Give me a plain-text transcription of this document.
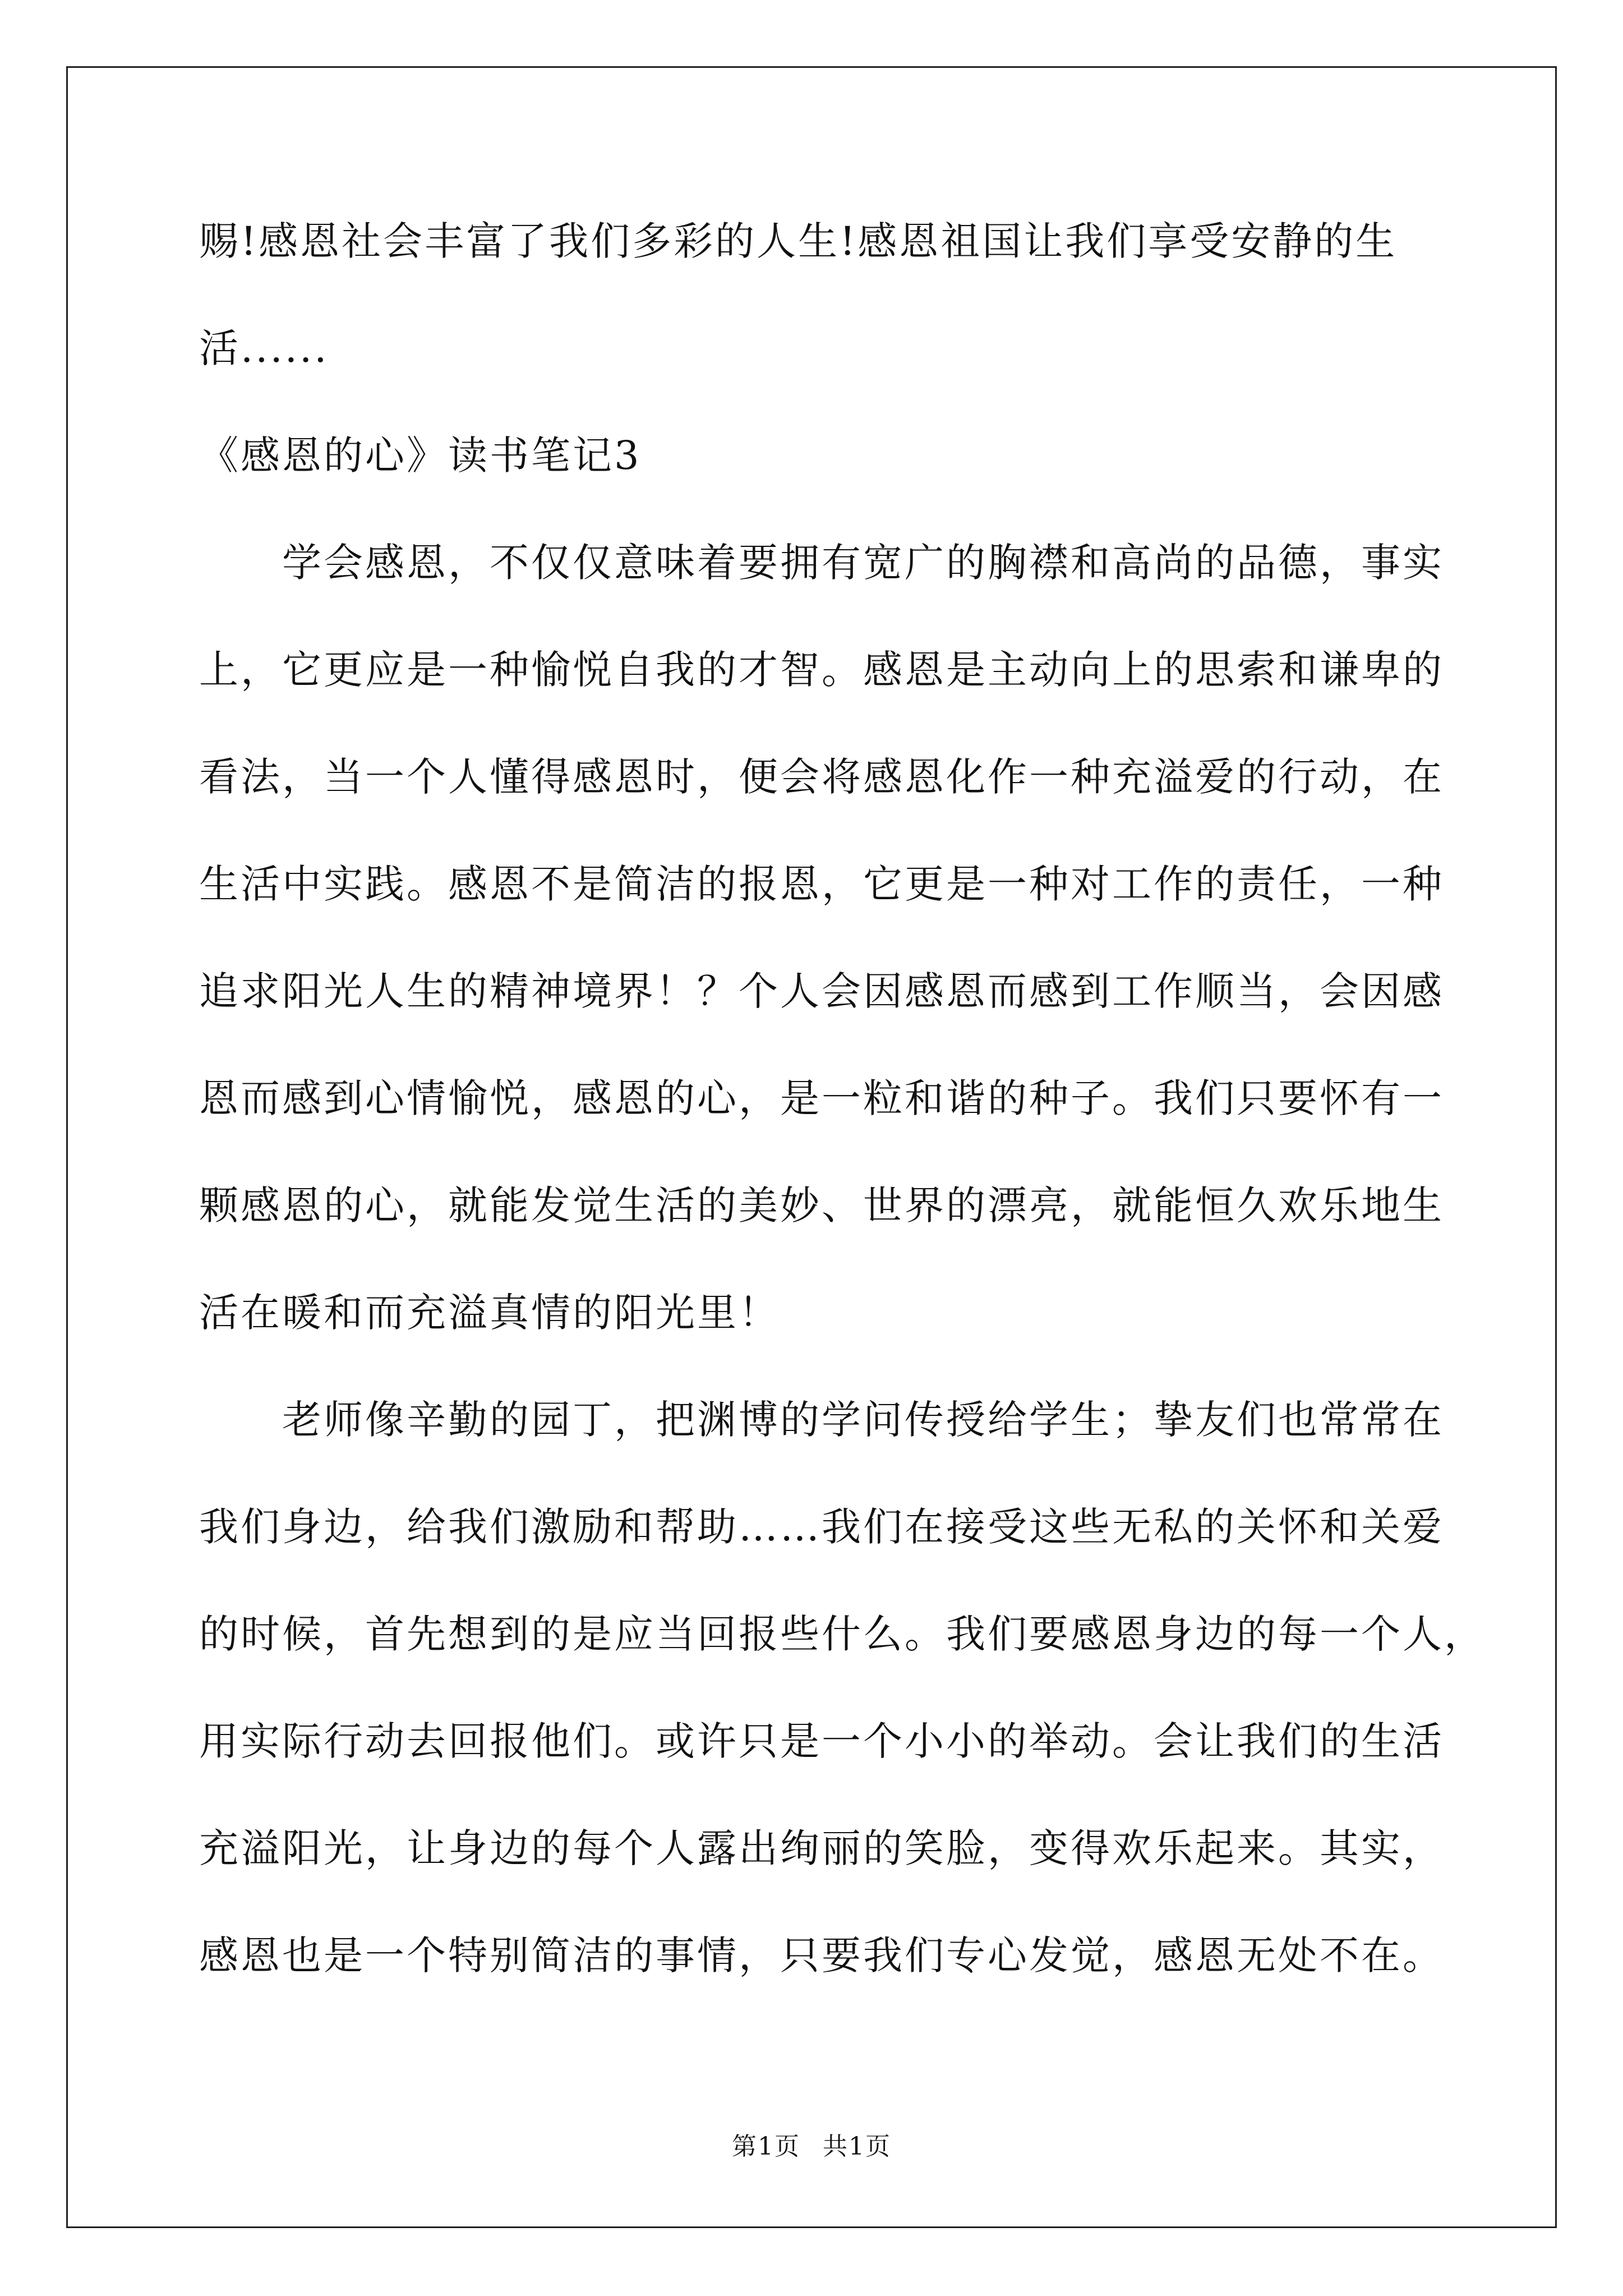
赐!感恩社会丰富了我们多彩的人生!感恩祖国让我们享受安静的生
活......
《感恩的心》读书笔记3
　　学会感恩，不仅仅意味着要拥有宽广的胸襟和高尚的品德，事实
上，它更应是一种愉悦自我的才智。感恩是主动向上的思索和谦卑的
看法，当一个人懂得感恩时，便会将感恩化作一种充溢爱的行动，在
生活中实践。感恩不是简洁的报恩，它更是一种对工作的责任，一种
追求阳光人生的精神境界！？个人会因感恩而感到工作顺当，会因感
恩而感到心情愉悦，感恩的心，是一粒和谐的种子。我们只要怀有一
颗感恩的心，就能发觉生活的美妙、世界的漂亮，就能恒久欢乐地生
活在暖和而充溢真情的阳光里！
　　老师像辛勤的园丁，把渊博的学问传授给学生；挚友们也常常在
我们身边，给我们激励和帮助……我们在接受这些无私的关怀和关爱
的时候，首先想到的是应当回报些什么。我们要感恩身边的每一个人，
用实际行动去回报他们。或许只是一个小小的举动。会让我们的生活
充溢阳光，让身边的每个人露出绚丽的笑脸，变得欢乐起来。其实，
感恩也是一个特别简洁的事情，只要我们专心发觉，感恩无处不在。
第1页 共1页
